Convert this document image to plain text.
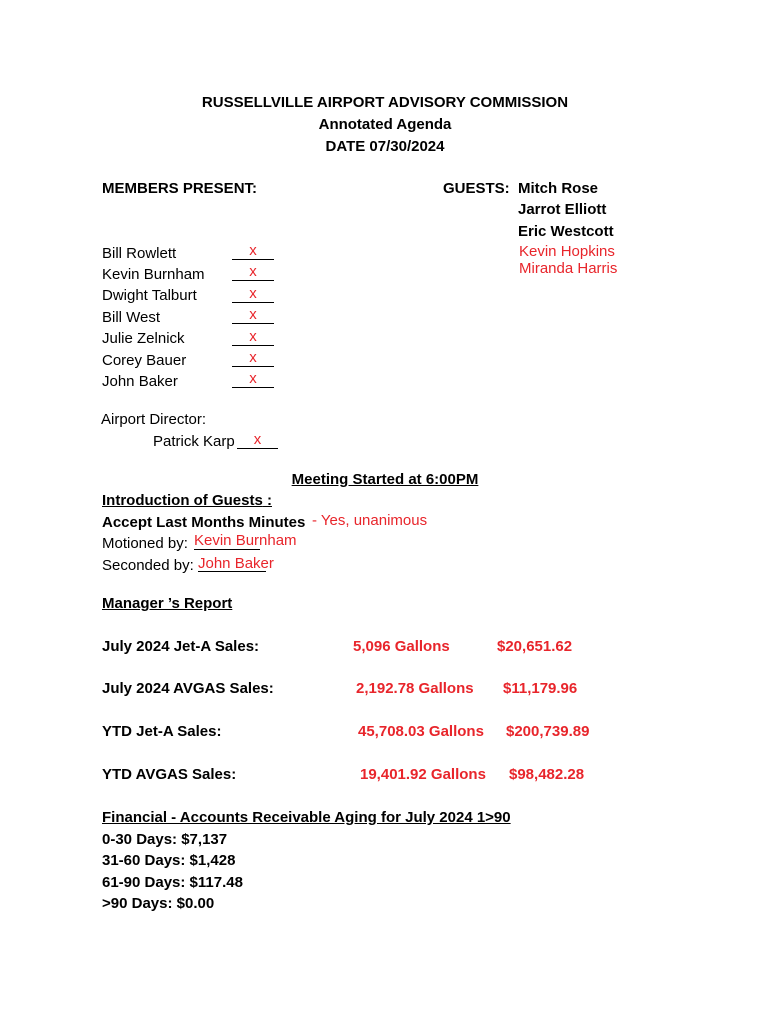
RUSSELLVILLE AIRPORT ADVISORY COMMISSION
Annotated Agenda
DATE 07/30/2024
MEMBERS PRESENT:
Bill Rowlett	x
Kevin Burnham	x
Dwight Talburt	x
Bill West	x
Julie Zelnick	x
Corey Bauer	x
John Baker	x
GUESTS: Mitch Rose
Jarrot Elliott
Eric Westcott
Kevin Hopkins
Miranda Harris
Airport Director:
Patrick Karp	x
Meeting Started at 6:00PM
Introduction of Guests :
Accept Last Months Minutes - Yes, unanimous
Motioned by: Kevin Burnham
Seconded by: John Baker
Manager ’s Report
July 2024 Jet-A Sales:	5,096 Gallons	$20,651.62
July 2024 AVGAS Sales:	2,192.78 Gallons $11,179.96
YTD Jet-A Sales:	45,708.03 Gallons $200,739.89
YTD AVGAS Sales:	19,401.92 Gallons $98,482.28
Financial - Accounts Receivable Aging for July 2024 1>90
0-30 Days: $7,137
31-60 Days: $1,428
61-90 Days: $117.48
>90 Days: $0.00
